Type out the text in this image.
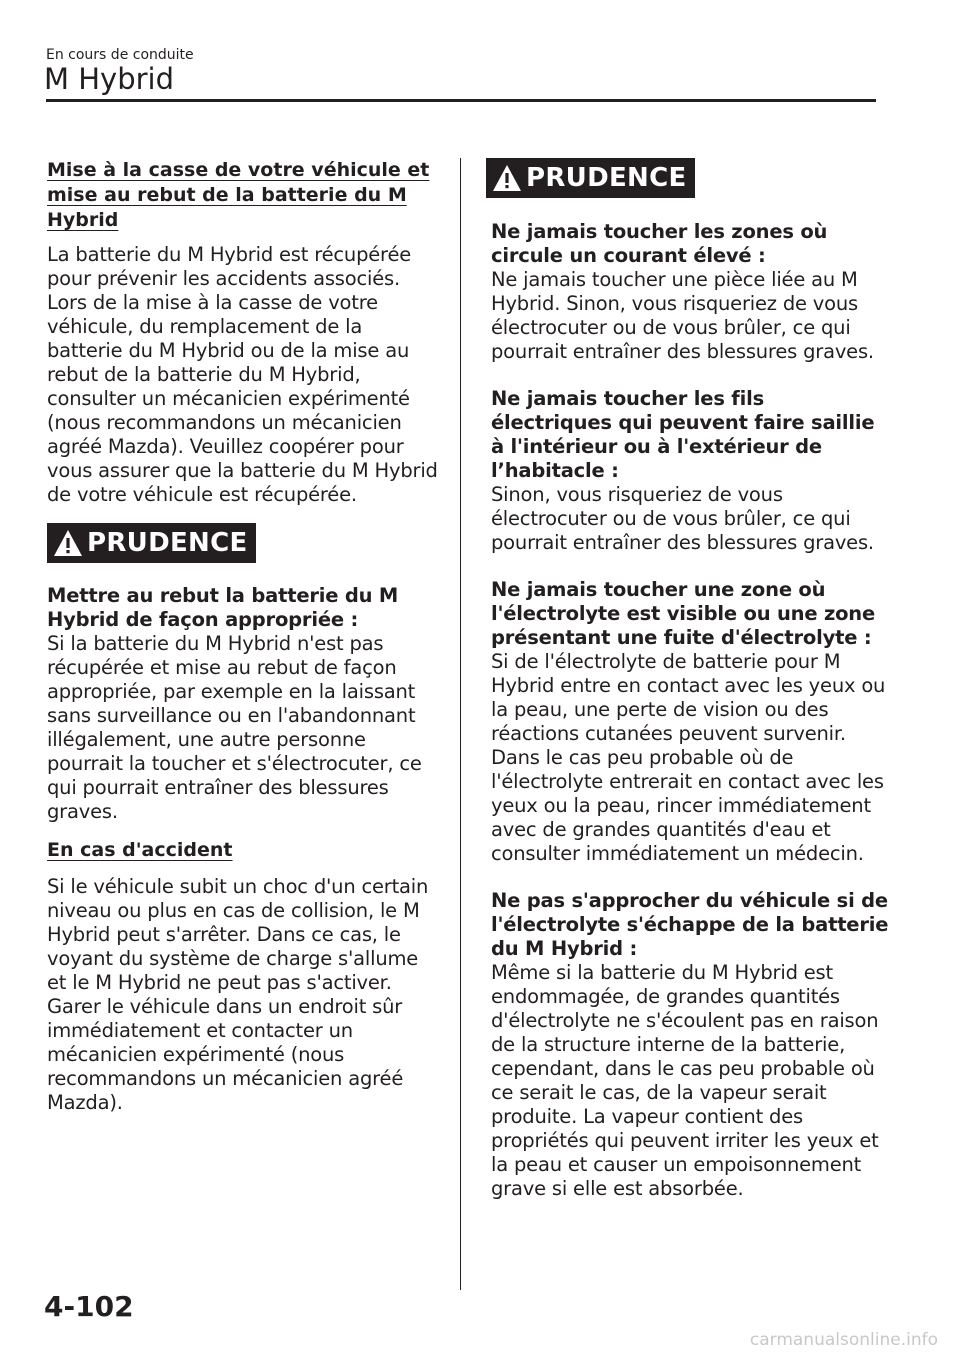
En cours de conduite
M Hybrid
Mise à la casse de votre véhicule et
mise au rebut de la batterie du M
Hybrid

La batterie du M Hybrid est récupérée pour prévenir les accidents associés. Lors de la mise à la casse de votre véhicule, du remplacement de la batterie du M Hybrid ou de la mise au rebut de la batterie du M Hybrid, consulter un mécanicien expérimenté (nous recommandons un mécanicien agréé Mazda). Veuillez coopérer pour vous assurer que la batterie du M Hybrid de votre véhicule est récupérée.

PRUDENCE
Mettre au rebut la batterie du M Hybrid de façon appropriée :
Si la batterie du M Hybrid n'est pas récupérée et mise au rebut de façon appropriée, par exemple en la laissant sans surveillance ou en l'abandonnant illégalement, une autre personne pourrait la toucher et s'électrocuter, ce qui pourrait entraîner des blessures graves.
En cas d'accident

Si le véhicule subit un choc d'un certain niveau ou plus en cas de collision, le M Hybrid peut s'arrêter. Dans ce cas, le voyant du système de charge s'allume et le M Hybrid ne peut pas s'activer. Garer le véhicule dans un endroit sûr immédiatement et contacter un mécanicien expérimenté (nous recommandons un mécanicien agréé Mazda).

PRUDENCE
Ne jamais toucher les zones où circule un courant élevé :
Ne jamais toucher une pièce liée au M Hybrid. Sinon, vous risqueriez de vous électrocuter ou de vous brûler, ce qui pourrait entraîner des blessures graves.
Ne jamais toucher les fils électriques qui peuvent faire saillie à l'intérieur ou à l'extérieur de l’habitacle :
Sinon, vous risqueriez de vous électrocuter ou de vous brûler, ce qui pourrait entraîner des blessures graves.
Ne jamais toucher une zone où l'électrolyte est visible ou une zone présentant une fuite d'électrolyte :
Si de l'électrolyte de batterie pour M Hybrid entre en contact avec les yeux ou la peau, une perte de vision ou des réactions cutanées peuvent survenir. Dans le cas peu probable où de l'électrolyte entrerait en contact avec les yeux ou la peau, rincer immédiatement avec de grandes quantités d'eau et consulter immédiatement un médecin.
Ne pas s'approcher du véhicule si de l'électrolyte s'échappe de la batterie du M Hybrid :
Même si la batterie du M Hybrid est endommagée, de grandes quantités d'électrolyte ne s'écoulent pas en raison de la structure interne de la batterie, cependant, dans le cas peu probable où ce serait le cas, de la vapeur serait produite. La vapeur contient des propriétés qui peuvent irriter les yeux et la peau et causer un empoisonnement grave si elle est absorbée.
4-102
carmanualsonline.info
